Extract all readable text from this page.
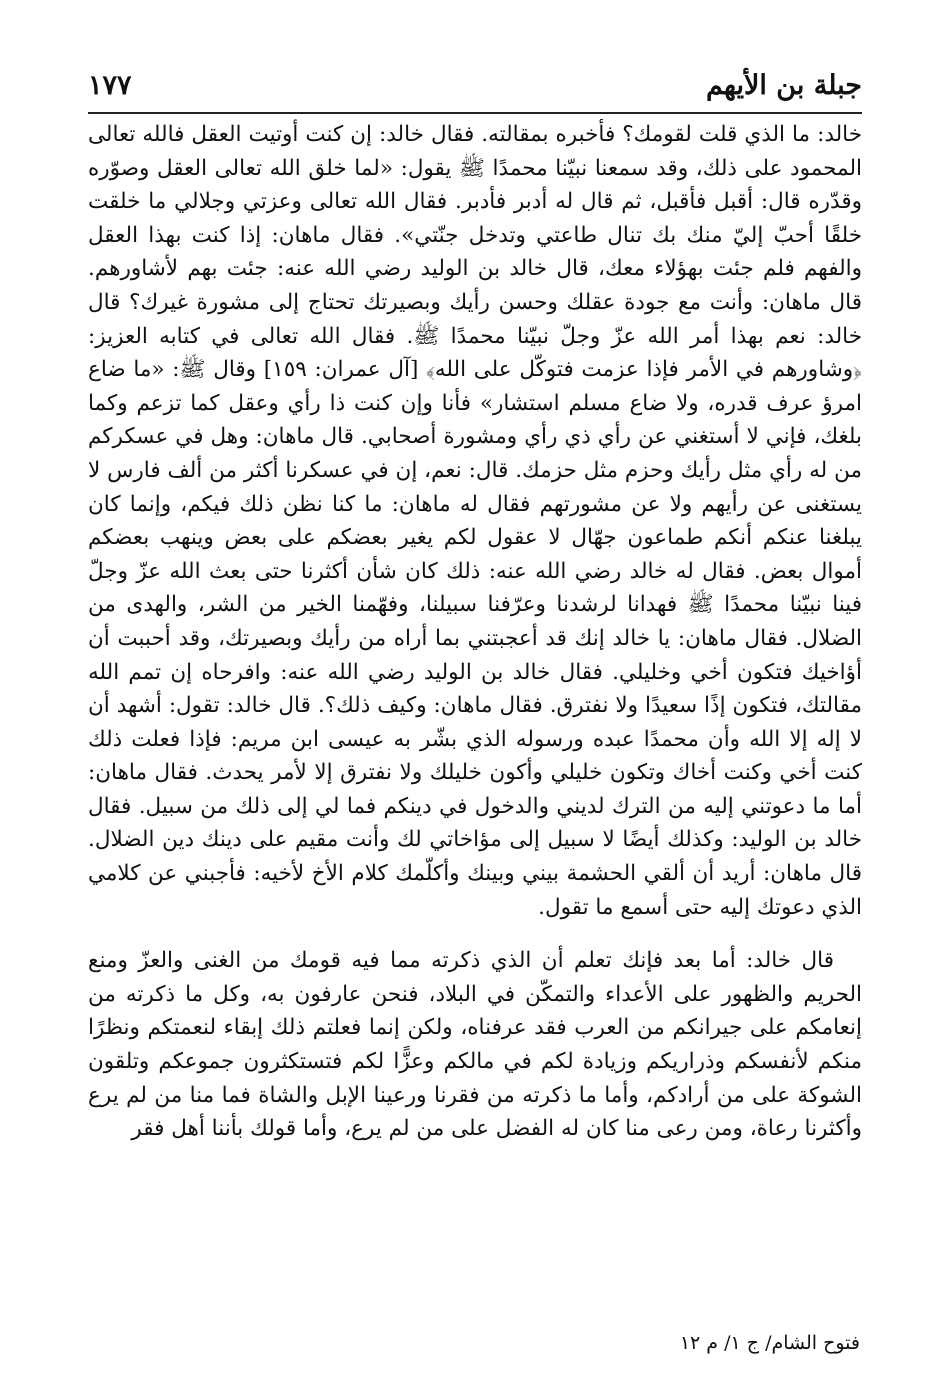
جبلة بن الأيهم
١٧٧

خالد: ما الذي قلت لقومك؟ فأخبره بمقالته. فقال خالد: إن كنت أوتيت العقل فالله تعالى المحمود على ذلك، وقد سمعنا نبيّنا محمدًا ﷺ يقول: «لما خلق الله تعالى العقل وصوّره وقدّره قال: أقبل فأقبل، ثم قال له أدبر فأدبر. فقال الله تعالى وعزتي وجلالي ما خلقت خلقًا أحبّ إليّ منك بك تنال طاعتي وتدخل جنّتي». فقال ماهان: إذا كنت بهذا العقل والفهم فلم جئت بهؤلاء معك، قال خالد بن الوليد رضي الله عنه: جئت بهم لأشاورهم. قال ماهان: وأنت مع جودة عقلك وحسن رأيك وبصيرتك تحتاج إلى مشورة غيرك؟ قال خالد: نعم بهذا أمر الله عزّ وجلّ نبيّنا محمدًا ﷺ. فقال الله تعالى في كتابه العزيز: ﴿وشاورهم في الأمر فإذا عزمت فتوكّل على الله﴾ [آل عمران: ١٥٩] وقال ﷺ: «ما ضاع امرؤ عرف قدره، ولا ضاع مسلم استشار» فأنا وإن كنت ذا رأي وعقل كما تزعم وكما بلغك، فإني لا أستغني عن رأي ذي رأي ومشورة أصحابي. قال ماهان: وهل في عسكركم من له رأي مثل رأيك وحزم مثل حزمك. قال: نعم، إن في عسكرنا أكثر من ألف فارس لا يستغنى عن رأيهم ولا عن مشورتهم فقال له ماهان: ما كنا نظن ذلك فيكم، وإنما كان يبلغنا عنكم أنكم طماعون جهّال لا عقول لكم يغير بعضكم على بعض وينهب بعضكم أموال بعض. فقال له خالد رضي الله عنه: ذلك كان شأن أكثرنا حتى بعث الله عزّ وجلّ فينا نبيّنا محمدًا ﷺ فهدانا لرشدنا وعرّفنا سبيلنا، وفهّمنا الخير من الشر، والهدى من الضلال. فقال ماهان: يا خالد إنك قد أعجبتني بما أراه من رأيك وبصيرتك، وقد أحببت أن أؤاخيك فتكون أخي وخليلي. فقال خالد بن الوليد رضي الله عنه: وافرحاه إن تمم الله مقالتك، فتكون إذًا سعيدًا ولا نفترق. فقال ماهان: وكيف ذلك؟. قال خالد: تقول: أشهد أن لا إله إلا الله وأن محمدًا عبده ورسوله الذي بشّر به عيسى ابن مريم: فإذا فعلت ذلك كنت أخي وكنت أخاك وتكون خليلي وأكون خليلك ولا نفترق إلا لأمر يحدث. فقال ماهان: أما ما دعوتني إليه من الترك لديني والدخول في دينكم فما لي إلى ذلك من سبيل. فقال خالد بن الوليد: وكذلك أيضًا لا سبيل إلى مؤاخاتي لك وأنت مقيم على دينك دين الضلال. قال ماهان: أريد أن ألقي الحشمة بيني وبينك وأكلّمك كلام الأخ لأخيه: فأجبني عن كلامي الذي دعوتك إليه حتى أسمع ما تقول.

قال خالد: أما بعد فإنك تعلم أن الذي ذكرته مما فيه قومك من الغنى والعزّ ومنع الحريم والظهور على الأعداء والتمكّن في البلاد، فنحن عارفون به، وكل ما ذكرته من إنعامكم على جيرانكم من العرب فقد عرفناه، ولكن إنما فعلتم ذلك إبقاء لنعمتكم ونظرًا منكم لأنفسكم وذراريكم وزيادة لكم في مالكم وعزًّا لكم فتستكثرون جموعكم وتلقون الشوكة على من أرادكم، وأما ما ذكرته من فقرنا ورعينا الإبل والشاة فما منا من لم يرع وأكثرنا رعاة، ومن رعى منا كان له الفضل على من لم يرع، وأما قولك بأننا أهل فقر

فتوح الشام/ ج ١/ م ١٢
